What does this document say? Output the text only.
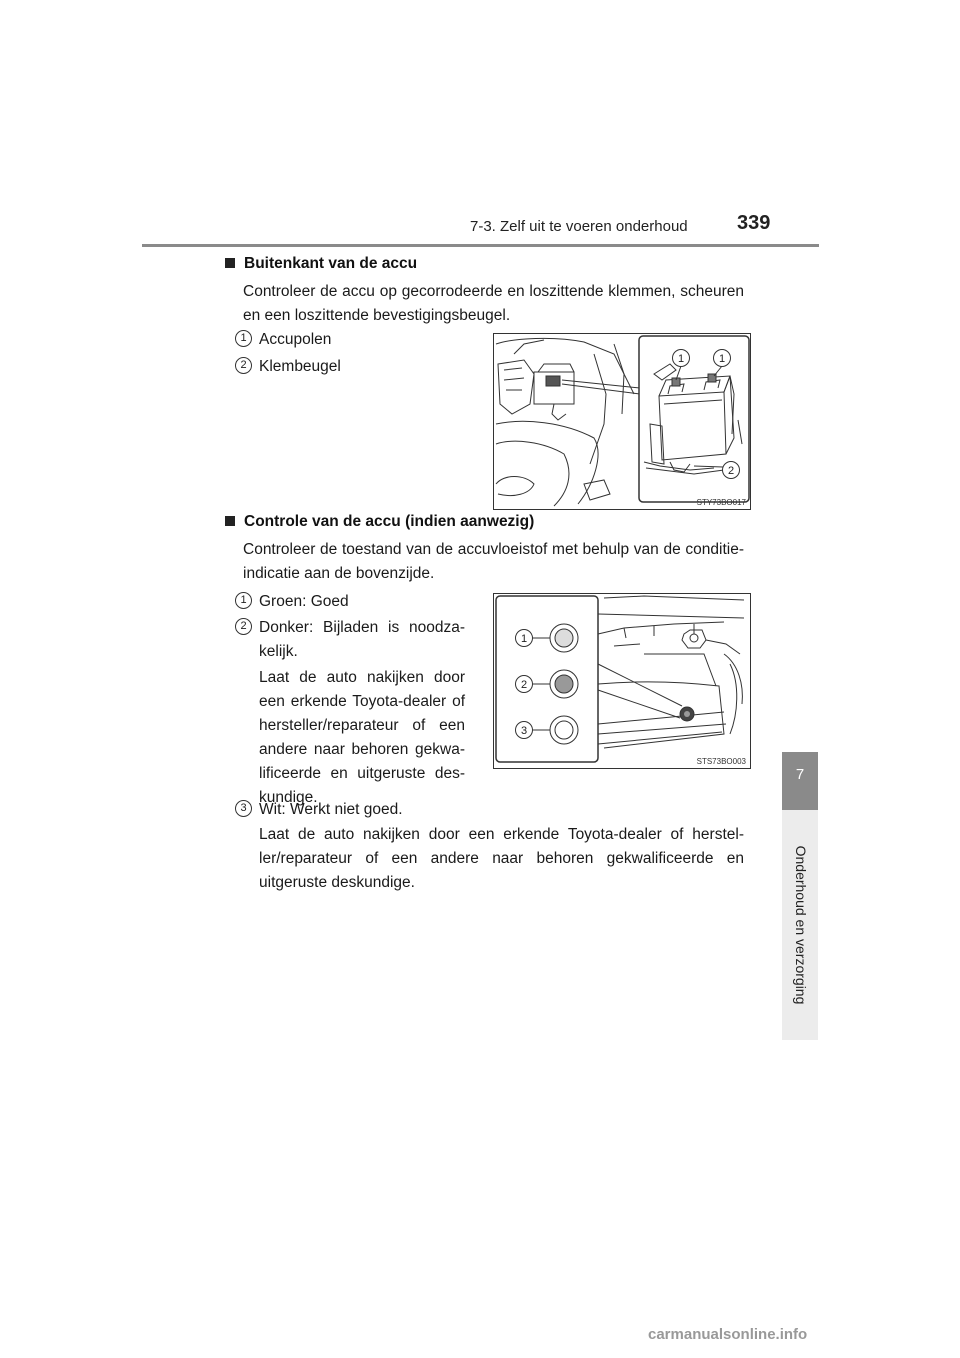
7-3. Zelf uit te voeren onderhoud 339
7
Onderhoud en verzorging
Buitenkant van de accu
Controleer de accu op gecorrodeerde en loszittende klemmen, scheuren en een loszittende bevestigingsbeugel.
1 Accupolen
2 Klembeugel	1	1
2
STY73BO017
Controle van de accu (indien aanwezig)
Controleer de toestand van de accuvloeistof met behulp van de conditie-indicatie aan de bovenzijde.
1 Groen: Goed
2 Donker: Bijladen is noodza-kelijk.
Laat de auto nakijken door een erkende Toyota-dealer of hersteller/reparateur of een andere naar behoren gekwa-lificeerde en uitgeruste des-kundige.
3 Wit: Werkt niet goed.
Laat de auto nakijken door een erkende Toyota-dealer of herstel-ler/reparateur of een andere naar behoren gekwalificeerde en uitgeruste deskundige.
1
2
3
STS73BO003
carmanualsonline.info
